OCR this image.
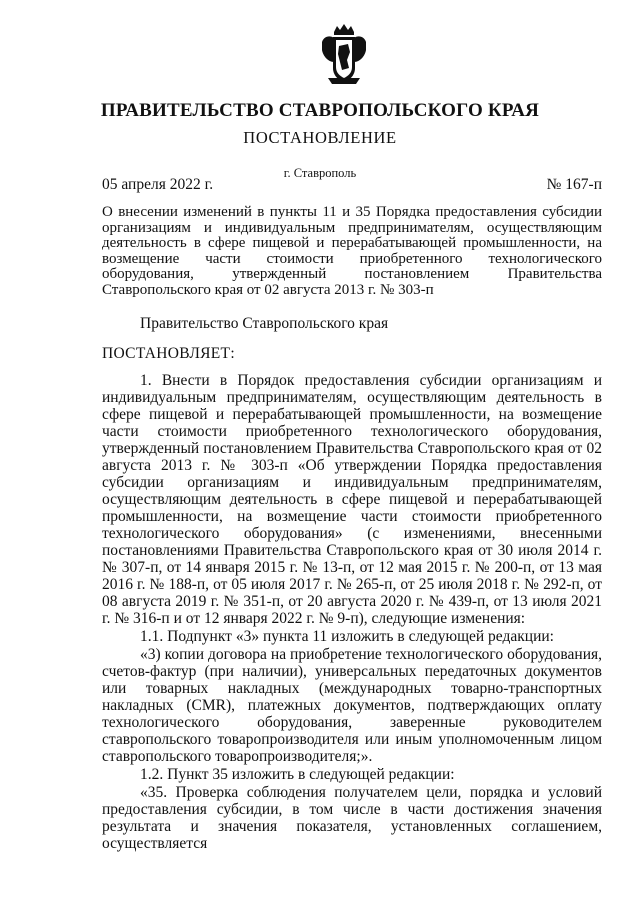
ПРАВИТЕЛЬСТВО СТАВРОПОЛЬСКОГО КРАЯ
ПОСТАНОВЛЕНИЕ
г. Ставрополь
05 апреля 2022 г.	№ 167-п
О внесении изменений в пункты 11 и 35 Порядка предоставления субсидии организациям и индивидуальным предпринимателям, осуществляющим деятельность в сфере пищевой и перерабатывающей промышленности, на возмещение части стоимости приобретенного технологического оборудования, утвержденный постановлением Правительства Ставропольского края от 02 августа 2013 г. № 303-п
Правительство Ставропольского края
ПОСТАНОВЛЯЕТ:

1. Внести в Порядок предоставления субсидии организациям и индивидуальным предпринимателям, осуществляющим деятельность в сфере пищевой и перерабатывающей промышленности, на возмещение части стоимости приобретенного технологического оборудования, утвержденный постановлением Правительства Ставропольского края от 02 августа 2013 г. № 303-п «Об утверждении Порядка предоставления субсидии организациям и индивидуальным предпринимателям, осуществляющим деятельность в сфере пищевой и перерабатывающей промышленности, на возмещение части стоимости приобретенного технологического оборудования» (с изменениями, внесенными постановлениями Правительства Ставропольского края от 30 июля 2014 г. № 307-п, от 14 января 2015 г. № 13-п, от 12 мая 2015 г. № 200-п, от 13 мая 2016 г. № 188-п, от 05 июля 2017 г. № 265-п, от 25 июля 2018 г. № 292-п, от 08 августа 2019 г. № 351-п, от 20 августа 2020 г. № 439-п, от 13 июля 2021 г. № 316-п и от 12 января 2022 г. № 9-п), следующие изменения:

1.1. Подпункт «3» пункта 11 изложить в следующей редакции:

«3) копии договора на приобретение технологического оборудования, счетов-фактур (при наличии), универсальных передаточных документов или товарных накладных (международных товарно-транспортных накладных (CMR), платежных документов, подтверждающих оплату технологического оборудования, заверенные руководителем ставропольского товаропроизводителя или иным уполномоченным лицом ставропольского товаропроизводителя;».

1.2. Пункт 35 изложить в следующей редакции:

«35. Проверка соблюдения получателем цели, порядка и условий предоставления субсидии, в том числе в части достижения значения результата и значения показателя, установленных соглашением, осуществляется
